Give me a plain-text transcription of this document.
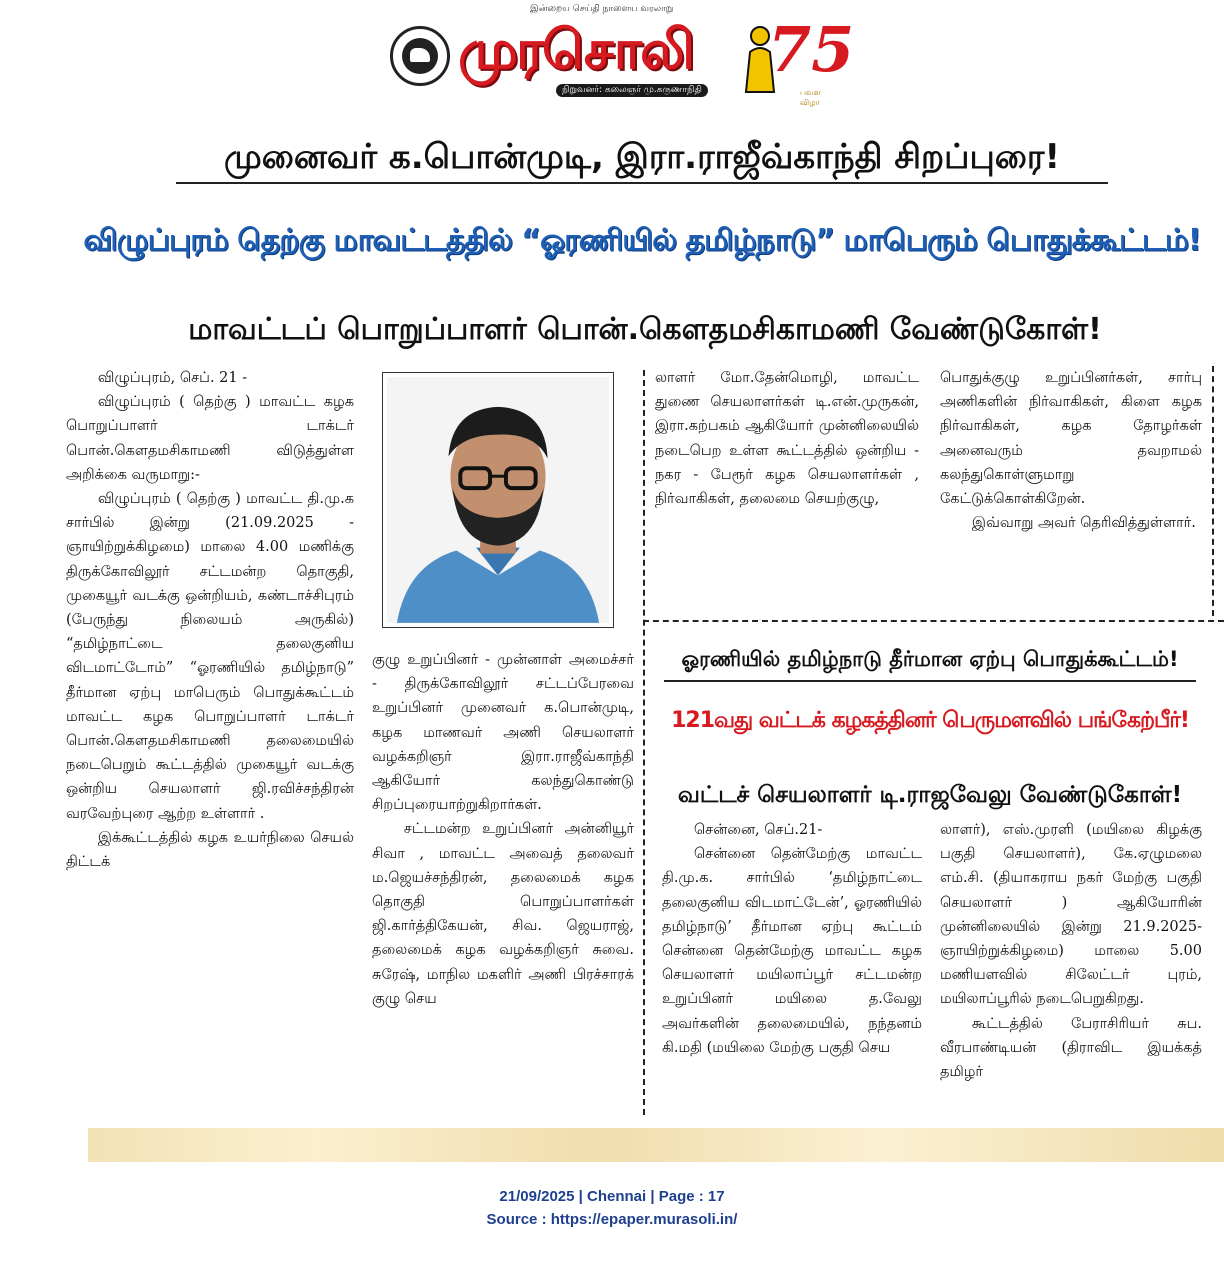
இன்றைய செய்தி நாளைய வரலாறு
முரசொலி
நிறுவனர்: கலைஞர் மு.கருணாநிதி
75
பவள விழா
முனைவர் க.பொன்முடி, இரா.ராஜீவ்காந்தி சிறப்புரை!
விழுப்புரம் தெற்கு மாவட்டத்தில் “ஓரணியில் தமிழ்நாடு” மாபெரும் பொதுக்கூட்டம்!
மாவட்டப் பொறுப்பாளர் பொன்.கௌதமசிகாமணி வேண்டுகோள்!

விழுப்புரம், செப். 21 -

விழுப்புரம் ( தெற்கு ) மாவட்ட கழக பொறுப்பாளர் டாக்டர் பொன்.கௌதமசிகாமணி விடுத்துள்ள அறிக்கை வருமாறு:-

விழுப்புரம் ( தெற்கு ) மாவட்ட தி.மு.க சார்பில் இன்று (21.09.2025 - ஞாயிற்றுக்கிழமை) மாலை 4.00 மணிக்கு திருக்கோவிலூர் சட்டமன்ற தொகுதி, முகையூர் வடக்கு ஒன்றியம், கண்டாச்சிபுரம் (பேருந்து நிலையம் அருகில்) “தமிழ்நாட்டை தலைகுனிய விடமாட்டோம்” “ஓரணியில் தமிழ்நாடு” தீர்மான ஏற்பு மாபெரும் பொதுக்கூட்டம் மாவட்ட கழக பொறுப்பாளர் டாக்டர் பொன்.கௌதமசிகாமணி தலைமையில் நடைபெறும் கூட்டத்தில் முகையூர் வடக்கு ஒன்றிய செயலாளர் ஜி.ரவிச்சந்திரன் வரவேற்புரை ஆற்ற உள்ளார் .

இக்கூட்டத்தில் கழக உயர்நிலை செயல் திட்டக்

குழு உறுப்பினர் - முன்னாள் அமைச்சர் - திருக்கோவிலூர் சட்டப்பேரவை உறுப்பினர் முனைவர் க.பொன்முடி, கழக மாணவர் அணி செயலாளர் வழக்கறிஞர் இரா.ராஜீவ்காந்தி ஆகியோர் கலந்துகொண்டு சிறப்புரையாற்றுகிறார்கள்.

சட்டமன்ற உறுப்பினர் அன்னியூர் சிவா , மாவட்ட அவைத் தலைவர் ம.ஜெயச்சந்திரன், தலைமைக் கழக தொகுதி பொறுப்பாளர்கள் ஜி.கார்த்திகேயன், சிவ. ஜெயராஜ், தலைமைக் கழக வழக்கறிஞர் சுவை. சுரேஷ், மாநில மகளிர் அணி பிரச்சாரக் குழு செய

லாளர் மோ.தேன்மொழி, மாவட்ட துணை செயலாளர்கள் டி.என்.முருகன், இரா.கற்பகம் ஆகியோர் முன்னிலையில் நடைபெற உள்ள கூட்டத்தில் ஒன்றிய - நகர - பேரூர் கழக செயலாளர்கள் , நிர்வாகிகள், தலைமை செயற்குழு,

பொதுக்குழு உறுப்பினர்கள், சார்பு அணிகளின் நிர்வாகிகள், கிளை கழக நிர்வாகிகள், கழக தோழர்கள் அனைவரும் தவறாமல் கலந்துகொள்ளுமாறு கேட்டுக்கொள்கிறேன்.

இவ்வாறு அவர் தெரிவித்துள்ளார்.

ஓரணியில் தமிழ்நாடு தீர்மான ஏற்பு பொதுக்கூட்டம்!
121வது வட்டக் கழகத்தினர் பெருமளவில் பங்கேற்பீர்!
வட்டச் செயலாளர் டி.ராஜவேலு வேண்டுகோள்!

சென்னை, செப்.21-

சென்னை தென்மேற்கு மாவட்ட தி.மு.க. சார்பில் ‘தமிழ்நாட்டை தலைகுனிய விடமாட்டேன்’, ஓரணியில் தமிழ்நாடு’ தீர்மான ஏற்பு கூட்டம் சென்னை தென்மேற்கு மாவட்ட கழக செயலாளர் மயிலாப்பூர் சட்டமன்ற உறுப்பினர் மயிலை த.வேலு அவர்களின் தலைமையில், நந்தனம் கி.மதி (மயிலை மேற்கு பகுதி செய

லாளர்), எஸ்.முரளி (மயிலை கிழக்கு பகுதி செயலாளர்), கே.ஏழுமலை எம்.சி. (தியாகராய நகர் மேற்கு பகுதி செயலாளர் ) ஆகியோரின் முன்னிலையில் இன்று 21.9.2025- ஞாயிற்றுக்கிழமை) மாலை 5.00 மணியளவில் சிலேட்டர் புரம், மயிலாப்பூரில் நடைபெறுகிறது.

கூட்டத்தில் பேராசிரியர் சுப. வீரபாண்டியன் (திராவிட இயக்கத் தமிழர்

21/09/2025 | Chennai | Page : 17
Source : https://epaper.murasoli.in/
